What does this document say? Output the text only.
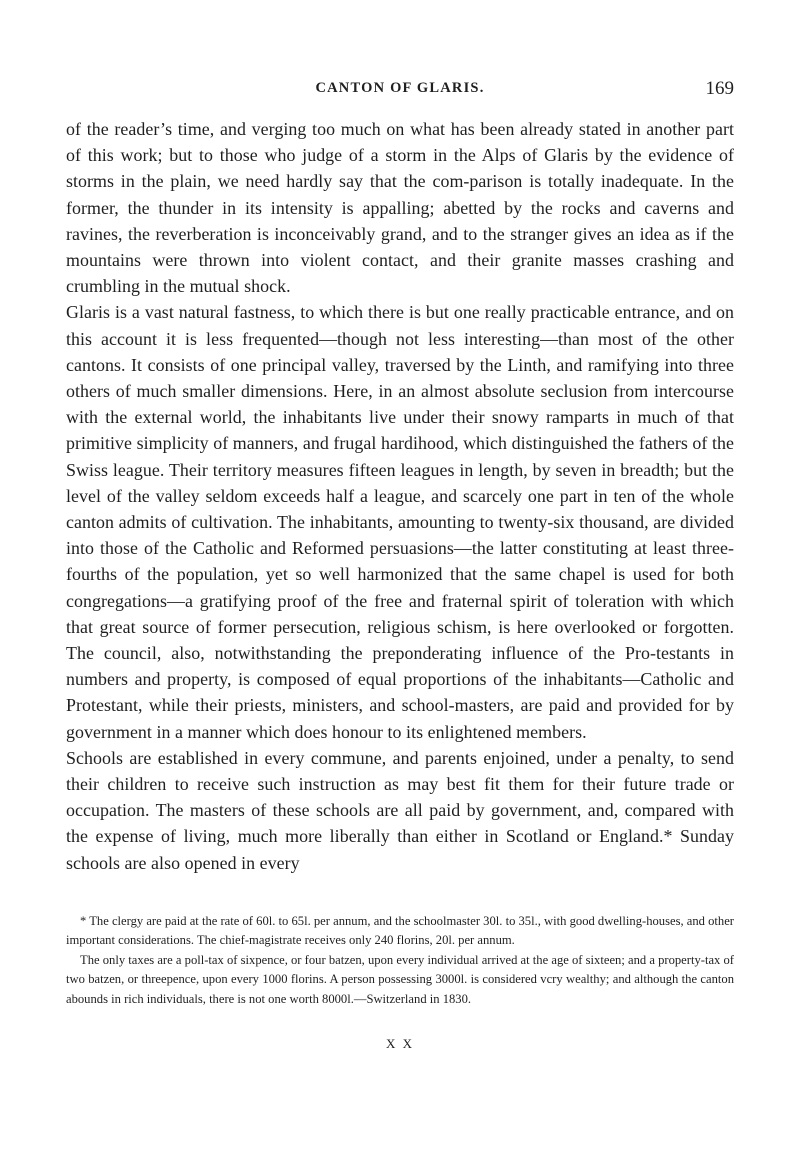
CANTON OF GLARIS.	169

of the reader’s time, and verging too much on what has been already stated in another part of this work; but to those who judge of a storm in the Alps of Glaris by the evidence of storms in the plain, we need hardly say that the com-parison is totally inadequate. In the former, the thunder in its intensity is appalling; abetted by the rocks and caverns and ravines, the reverberation is inconceivably grand, and to the stranger gives an idea as if the mountains were thrown into violent contact, and their granite masses crashing and crumbling in the mutual shock.

Glaris is a vast natural fastness, to which there is but one really practicable entrance, and on this account it is less frequented—though not less interesting—than most of the other cantons. It consists of one principal valley, traversed by the Linth, and ramifying into three others of much smaller dimensions. Here, in an almost absolute seclusion from intercourse with the external world, the inhabitants live under their snowy ramparts in much of that primitive simplicity of manners, and frugal hardihood, which distinguished the fathers of the Swiss league. Their territory measures fifteen leagues in length, by seven in breadth; but the level of the valley seldom exceeds half a league, and scarcely one part in ten of the whole canton admits of cultivation. The inhabitants, amounting to twenty-six thousand, are divided into those of the Catholic and Reformed persuasions—the latter constituting at least three-fourths of the population, yet so well harmonized that the same chapel is used for both congregations—a gratifying proof of the free and fraternal spirit of toleration with which that great source of former persecution, religious schism, is here overlooked or forgotten. The council, also, notwithstanding the preponderating influence of the Pro-testants in numbers and property, is composed of equal proportions of the inhabitants—Catholic and Protestant, while their priests, ministers, and school-masters, are paid and provided for by government in a manner which does honour to its enlightened members.

Schools are established in every commune, and parents enjoined, under a penalty, to send their children to receive such instruction as may best fit them for their future trade or occupation. The masters of these schools are all paid by government, and, compared with the expense of living, much more liberally than either in Scotland or England.* Sunday schools are also opened in every

* The clergy are paid at the rate of 60l. to 65l. per annum, and the schoolmaster 30l. to 35l., with good dwelling-houses, and other important considerations. The chief-magistrate receives only 240 florins, 20l. per annum.

The only taxes are a poll-tax of sixpence, or four batzen, upon every individual arrived at the age of sixteen; and a property-tax of two batzen, or threepence, upon every 1000 florins. A person possessing 3000l. is considered vcry wealthy; and although the canton abounds in rich individuals, there is not one worth 8000l.—Switzerland in 1830.

X X
